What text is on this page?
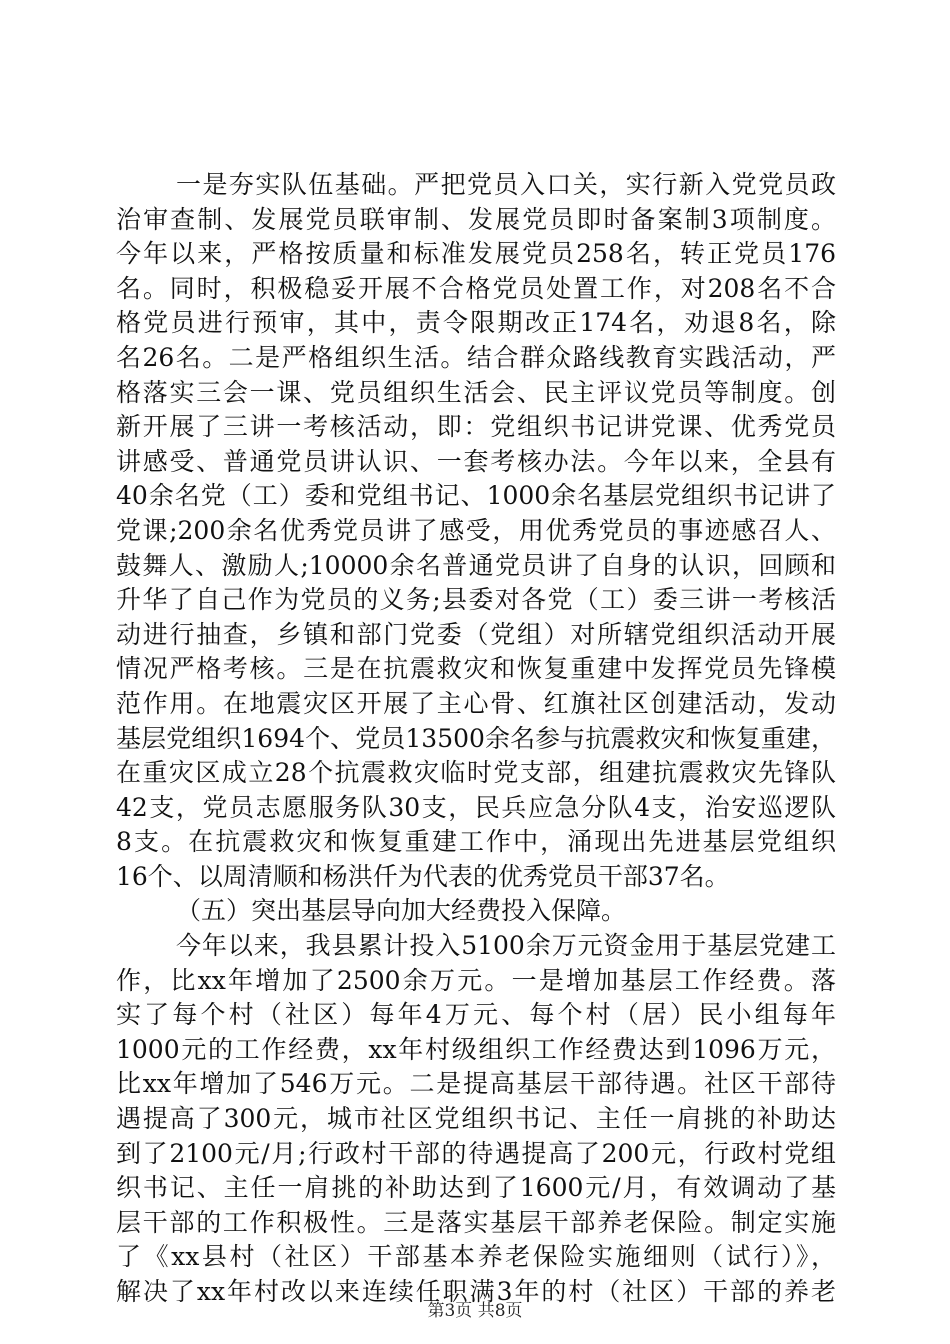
一是夯实队伍基础。严把党员入口关，实行新入党党员政
治审查制、发展党员联审制、发展党员即时备案制3项制度。
今年以来，严格按质量和标准发展党员258名，转正党员176
名。同时，积极稳妥开展不合格党员处置工作，对208名不合
格党员进行预审，其中，责令限期改正174名，劝退8名，除
名26名。二是严格组织生活。结合群众路线教育实践活动，严
格落实三会一课、党员组织生活会、民主评议党员等制度。创
新开展了三讲一考核活动，即：党组织书记讲党课、优秀党员
讲感受、普通党员讲认识、一套考核办法。今年以来，全县有
40余名党（工）委和党组书记、1000余名基层党组织书记讲了
党课;200余名优秀党员讲了感受，用优秀党员的事迹感召人、
鼓舞人、激励人;10000余名普通党员讲了自身的认识，回顾和
升华了自己作为党员的义务;县委对各党（工）委三讲一考核活
动进行抽查，乡镇和部门党委（党组）对所辖党组织活动开展
情况严格考核。三是在抗震救灾和恢复重建中发挥党员先锋模
范作用。在地震灾区开展了主心骨、红旗社区创建活动，发动
基层党组织1694个、党员13500余名参与抗震救灾和恢复重建，
在重灾区成立28个抗震救灾临时党支部，组建抗震救灾先锋队
42支，党员志愿服务队30支，民兵应急分队4支，治安巡逻队
8支。在抗震救灾和恢复重建工作中，涌现出先进基层党组织
16个、以周清顺和杨洪仟为代表的优秀党员干部37名。
（五）突出基层导向加大经费投入保障。
今年以来，我县累计投入5100余万元资金用于基层党建工
作，比xx年增加了2500余万元。一是增加基层工作经费。落
实了每个村（社区）每年4万元、每个村（居）民小组每年
1000元的工作经费，xx年村级组织工作经费达到1096万元，
比xx年增加了546万元。二是提高基层干部待遇。社区干部待
遇提高了300元，城市社区党组织书记、主任一肩挑的补助达
到了2100元/月;行政村干部的待遇提高了200元，行政村党组
织书记、主任一肩挑的补助达到了1600元/月，有效调动了基
层干部的工作积极性。三是落实基层干部养老保险。制定实施
了《xx县村（社区）干部基本养老保险实施细则（试行）》，
解决了xx年村改以来连续任职满3年的村（社区）干部的养老
第3页 共8页
